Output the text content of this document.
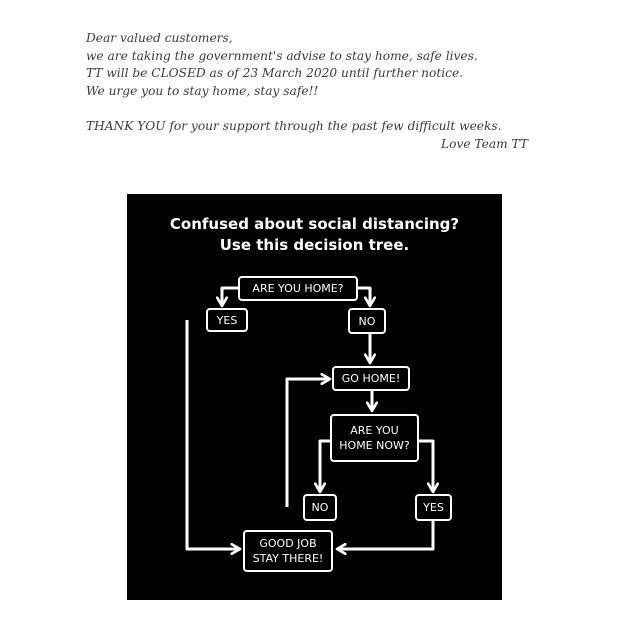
Dear valued customers,
we are taking the government's advise to stay home, safe lives.
TT will be CLOSED as of 23 March 2020 until further notice.
We urge you to stay home, stay safe!!
THANK YOU for your support through the past few difficult weeks.
Love Team TT
Confused about social distancing?
Use this decision tree.
ARE YOU HOME?
YES	NO
GO HOME!
ARE YOU
HOME NOW?
NO	YES
GOOD JOB
STAY THERE!
